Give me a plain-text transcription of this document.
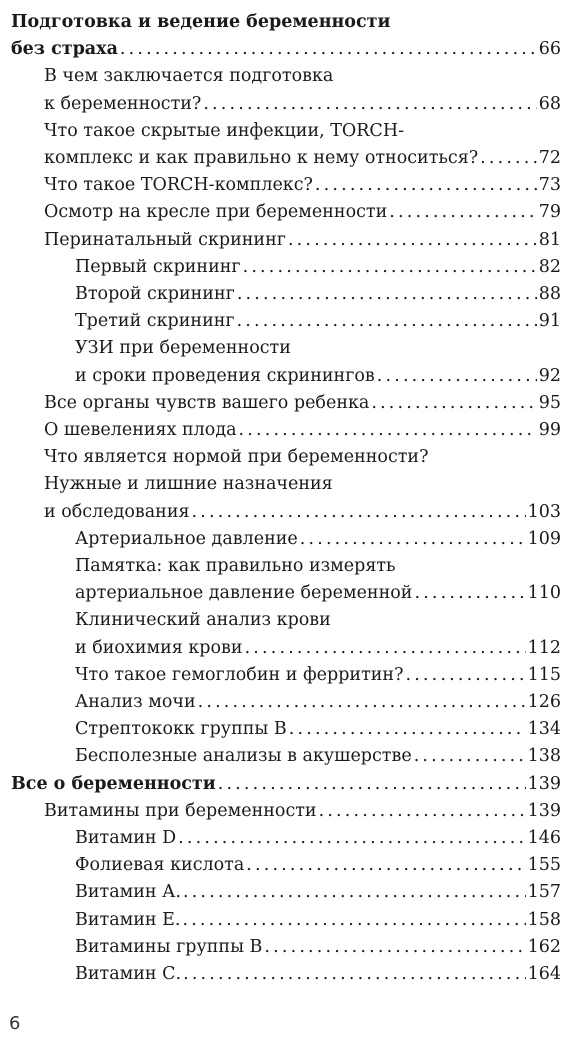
Подготовка и ведение беременности
без страха . . .	66
В чем заключается подготовка
к беременности? . . .	68
Что такое скрытые инфекции, TORCH-
комплекс и как правильно к нему относиться? . . .	72
Что такое TORCH-комплекс? . . .	73
Осмотр на кресле при беременности . . .	79
Перинатальный скрининг . . .	81
Первый скрининг . . .	82
Второй скрининг . . .	88
Третий скрининг . . .	91
УЗИ при беременности
и сроки проведения скринингов . . .	92
Все органы чувств вашего ребенка . . .	95
О шевелениях плода . . .	99
Что является нормой при беременности?
Нужные и лишние назначения
и обследования . . .	103
Артериальное давление . . .	109
Памятка: как правильно измерять
артериальное давление беременной . . .	110
Клинический анализ крови
и биохимия крови . . .	112
Что такое гемоглобин и ферритин? . . .	115
Анализ мочи . . .	126
Стрептококк группы B . . .	134
Бесполезные анализы в акушерстве . . .	138
Все о беременности . . .	139
Витамины при беременности . . .	139
Витамин D . . .	146
Фолиевая кислота . . .	155
Витамин А. . . .	157
Витамин Е. . . .	158
Витамины группы B . . .	162
Витамин С. . . .	164
6
